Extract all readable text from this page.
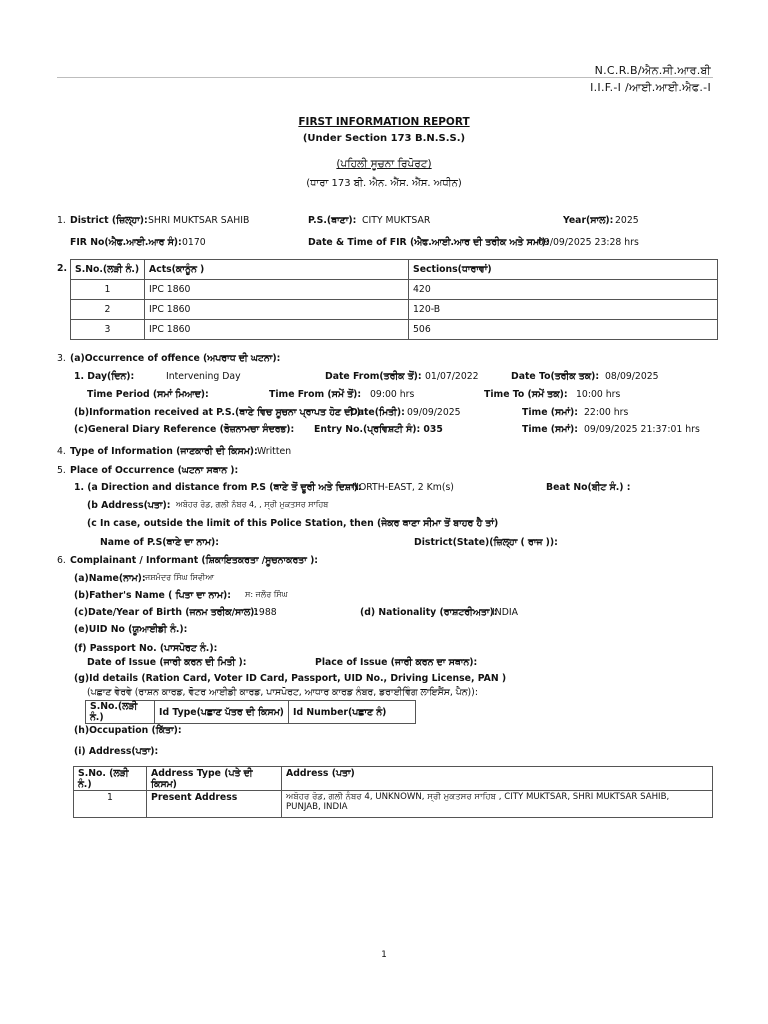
N.C.R.B/ਐਨ.ਸੀ.ਆਰ.ਬੀ
I.I.F.-I /ਆਈ.ਆਈ.ਐਫ.-I
FIRST INFORMATION REPORT
(Under Section 173 B.N.S.S.)
(ਪਹਿਲੀ ਸੂਚਨਾ ਰਿਪੋਰਟ)
(ਧਾਰਾ 173 ਬੀ. ਐਨ. ਐੱਸ. ਐੱਸ. ਅਧੀਨ)
1. District (ਜ਼ਿਲ੍ਹਾ): SHRI MUKTSAR SAHIB	P.S.(ਥਾਣਾ): CITY MUKTSAR	Year(ਸਾਲ): 2025
FIR No(ਐਫ.ਆਈ.ਆਰ ਸੰ): 0170	Date & Time of FIR (ਐਫ.ਆਈ.ਆਰ ਦੀ ਤਰੀਕ ਅਤੇ ਸਮਾਂ):
09/09/2025 23:28 hrs
2. S.No.(ਲੜੀ ਨੰ.)	Acts(ਕਾਨੂੰਨ )	Sections(ਧਾਰਾਵਾਂ)
1	IPC 1860	420
2	IPC 1860	120-B
3	IPC 1860	506
3. (a)Occurrence of offence (ਅਪਰਾਧ ਦੀ ਘਟਨਾ):
1. Day(ਦਿਨ):	Intervening Day	Date From(ਤਰੀਕ ਤੋਂ): 01/07/2022	Date To(ਤਰੀਕ ਤਕ): 08/09/2025
Time Period (ਸਮਾਂ ਮਿਆਦ):	Time From (ਸਮੇਂ ਤੋਂ): 09:00 hrs	Time To (ਸਮੇਂ ਤਕ): 10:00 hrs
(b)Information received at P.S.(ਥਾਣੇ ਵਿਚ ਸੂਚਨਾ ਪ੍ਰਾਪਤ ਹੋਣ ਦੀ ):
Date(ਮਿਤੀ): 09/09/2025	Time (ਸਮਾਂ): 22:00 hrs
(c)General Diary Reference (ਰੋਜ਼ਨਾਮਚਾ ਸੰਦਰਭ): Entry No.(ਪ੍ਰਵਿਸ਼ਟੀ ਸੰ): 035	Time (ਸਮਾਂ): 09/09/2025 21:37:01 hrs
4. Type of Information (ਜਾਣਕਾਰੀ ਦੀ ਕਿਸਮ): Written
5. Place of Occurrence (ਘਟਨਾ ਸਥਾਨ ):
1. (a Direction and distance from P.S (ਥਾਣੇ ਤੋਂ ਦੂਰੀ ਅਤੇ ਦਿਸ਼ਾ):
NORTH-EAST, 2 Km(s)	Beat No(ਬੀਟ ਸੰ.) :
(b Address(ਪਤਾ): ਅਬੋਹਰ ਰੋਡ, ਗਲੀ ਨੰਬਰ 4, , ਸ੍ਰੀ ਮੁਕਤਸਰ ਸਾਹਿਬ
(c In case, outside the limit of this Police Station, then (ਜੇਕਰ ਥਾਣਾ ਸੀਮਾ ਤੋਂ ਬਾਹਰ ਹੈ ਤਾਂ)
Name of P.S(ਥਾਣੇ ਦਾ ਨਾਮ):	District(State)(ਜ਼ਿਲ੍ਹਾ ( ਰਾਜ )):
6. Complainant / Informant (ਸ਼ਿਕਾਇਤਕਰਤਾ /ਸੂਚਨਾਕਰਤਾ ):
(a)Name(ਨਾਮ): ਜਸ਼ਮੰਦਰ ਸਿੰਘ ਸਿਵੀਆ
(b)Father's Name ( ਪਿਤਾ ਦਾ ਨਾਮ): ਸ: ਜਲੌਰ ਸਿੰਘ
(c)Date/Year of Birth (ਜਨਮ ਤਰੀਕ/ਸਾਲ):
1988	(d) Nationality (ਰਾਸ਼ਟਰੀਅਤਾ):
INDIA
(e)UID No (ਯੂਆਈਡੀ ਨੰ.):
(f) Passport No. (ਪਾਸਪੋਰਟ ਨੰ.):
Date of Issue (ਜਾਰੀ ਕਰਨ ਦੀ ਮਿਤੀ ):	Place of Issue (ਜਾਰੀ ਕਰਨ ਦਾ ਸਥਾਨ):
(g)Id details (Ration Card, Voter ID Card, Passport, UID No., Driving License, PAN )
(ਪਛਾਣ ਵੇਰਵੇ (ਰਾਸ਼ਨ ਕਾਰਡ, ਵੋਟਰ ਆਈਡੀ ਕਾਰਡ, ਪਾਸਪੋਰਟ, ਆਧਾਰ ਕਾਰਡ ਨੰਬਰ, ਡਰਾਈਵਿੰਗ ਲਾਇਸੈਂਸ, ਪੈਨ)):
S.No.(ਲੜੀ ਨੰ.)	Id Type(ਪਛਾਣ ਪੱਤਰ ਦੀ ਕਿਸਮ)	Id Number(ਪਛਾਣ ਨੰ)
(h)Occupation (ਕਿੱਤਾ):
(i) Address(ਪਤਾ):
S.No. (ਲੜੀ ਨੰ.)	Address Type (ਪਤੇ ਦੀ ਕਿਸਮ)	Address (ਪਤਾ)
1	Present Address	ਅਬੋਹਰ ਰੋਡ, ਗਲੀ ਨੰਬਰ 4, UNKNOWN, ਸ੍ਰੀ ਮੁਕਤਸਰ ਸਾਹਿਬ , CITY MUKTSAR, SHRI MUKTSAR SAHIB,
PUNJAB, INDIA
1
